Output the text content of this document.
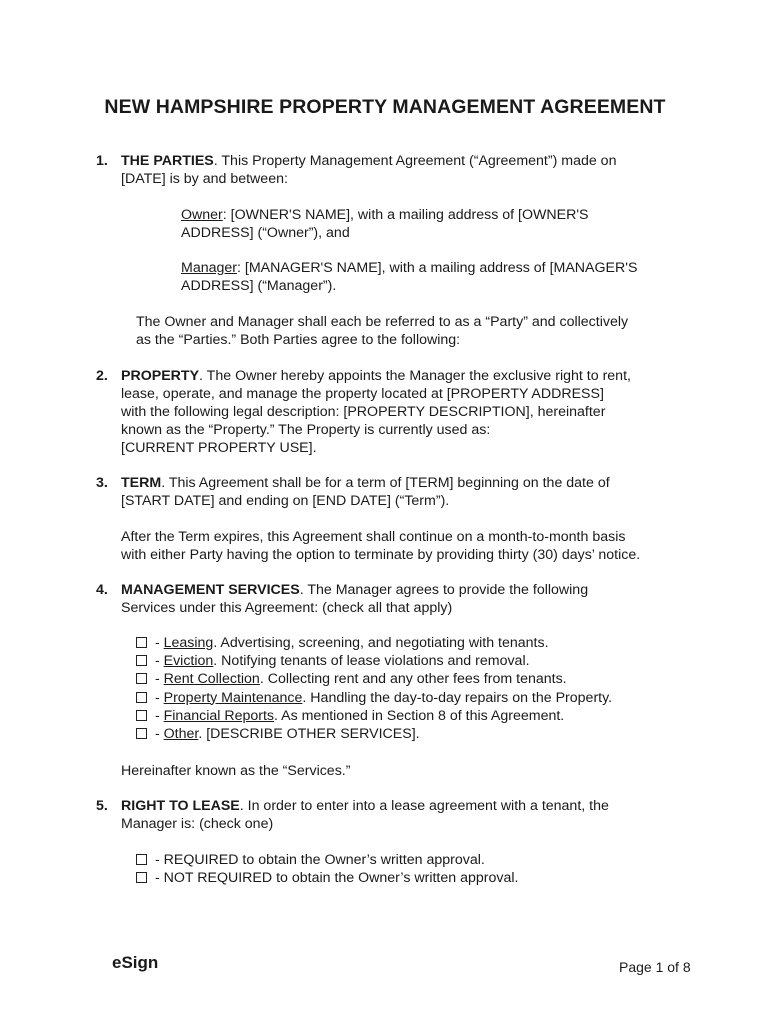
NEW HAMPSHIRE PROPERTY MANAGEMENT AGREEMENT
1. THE PARTIES. This Property Management Agreement (“Agreement”) made on
[DATE] is by and between:
Owner: [OWNER'S NAME], with a mailing address of [OWNER'S
ADDRESS] (“Owner”), and
Manager: [MANAGER'S NAME], with a mailing address of [MANAGER'S
ADDRESS] (“Manager”).
The Owner and Manager shall each be referred to as a “Party” and collectively
as the “Parties.” Both Parties agree to the following:
2. PROPERTY. The Owner hereby appoints the Manager the exclusive right to rent,
lease, operate, and manage the property located at [PROPERTY ADDRESS]
with the following legal description: [PROPERTY DESCRIPTION], hereinafter
known as the “Property.” The Property is currently used as:
[CURRENT PROPERTY USE].
3. TERM. This Agreement shall be for a term of [TERM] beginning on the date of
[START DATE] and ending on [END DATE] (“Term”).
After the Term expires, this Agreement shall continue on a month-to-month basis
with either Party having the option to terminate by providing thirty (30) days’ notice.
4. MANAGEMENT SERVICES. The Manager agrees to provide the following
Services under this Agreement: (check all that apply)
- Leasing. Advertising, screening, and negotiating with tenants.
- Eviction. Notifying tenants of lease violations and removal.
- Rent Collection. Collecting rent and any other fees from tenants.
- Property Maintenance. Handling the day-to-day repairs on the Property.
- Financial Reports. As mentioned in Section 8 of this Agreement.
- Other. [DESCRIBE OTHER SERVICES].
Hereinafter known as the “Services.”
5. RIGHT TO LEASE. In order to enter into a lease agreement with a tenant, the
Manager is: (check one)
- REQUIRED to obtain the Owner’s written approval.
- NOT REQUIRED to obtain the Owner’s written approval.
eSign	Page 1 of 8
